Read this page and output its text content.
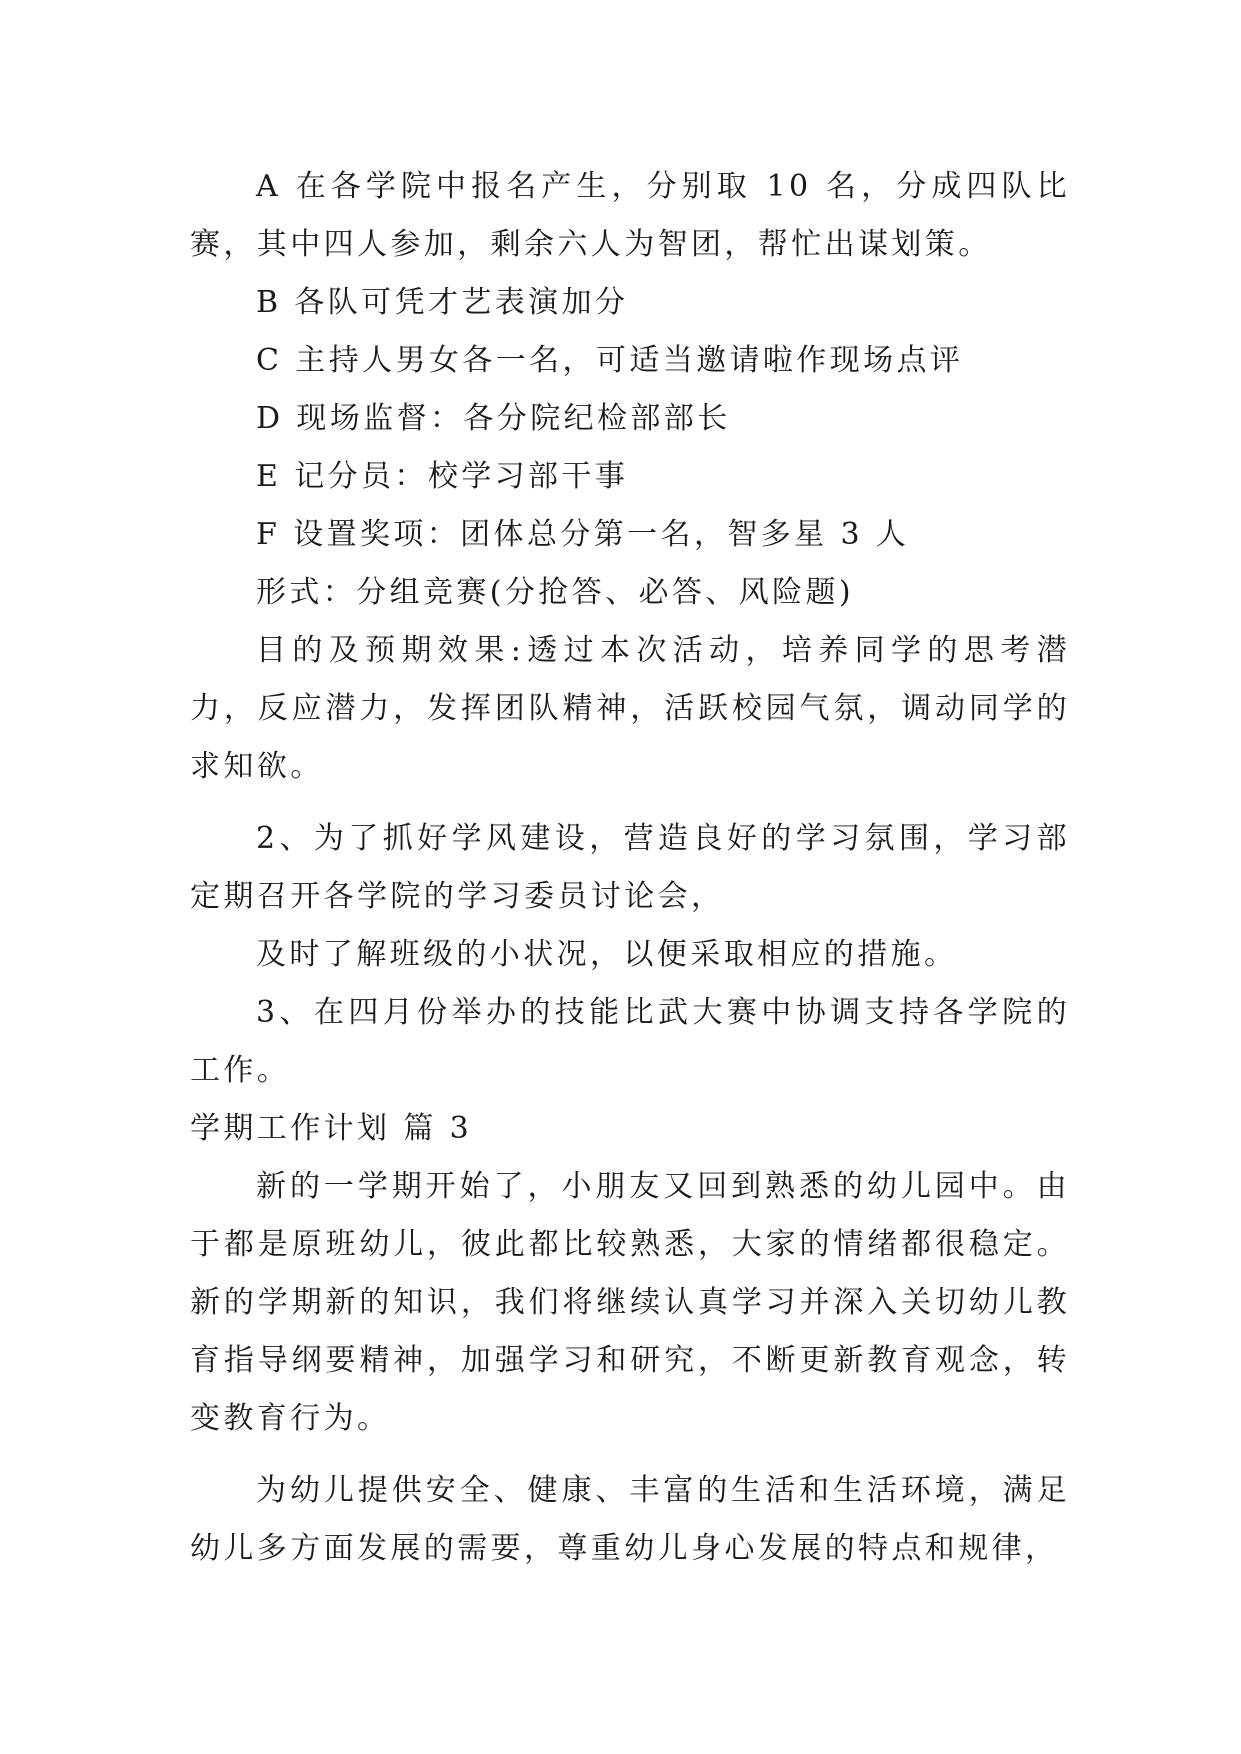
A 在各学院中报名产生，分别取 10 名，分成四队比赛，其中四人参加，剩余六人为智团，帮忙出谋划策。

B 各队可凭才艺表演加分

C 主持人男女各一名，可适当邀请啦作现场点评

D 现场监督：各分院纪检部部长

E 记分员：校学习部干事

F 设置奖项：团体总分第一名，智多星 3 人

形式：分组竞赛(分抢答、必答、风险题)

目的及预期效果:透过本次活动，培养同学的思考潜力，反应潜力，发挥团队精神，活跃校园气氛，调动同学的求知欲。

2、为了抓好学风建设，营造良好的学习氛围，学习部定期召开各学院的学习委员讨论会，

及时了解班级的小状况，以便采取相应的措施。

3、在四月份举办的技能比武大赛中协调支持各学院的工作。

学期工作计划 篇 3

新的一学期开始了，小朋友又回到熟悉的幼儿园中。由于都是原班幼儿，彼此都比较熟悉，大家的情绪都很稳定。新的学期新的知识，我们将继续认真学习并深入关切幼儿教育指导纲要精神，加强学习和研究，不断更新教育观念，转变教育行为。

为幼儿提供安全、健康、丰富的生活和生活环境，满足幼儿多方面发展的需要，尊重幼儿身心发展的特点和规律，
